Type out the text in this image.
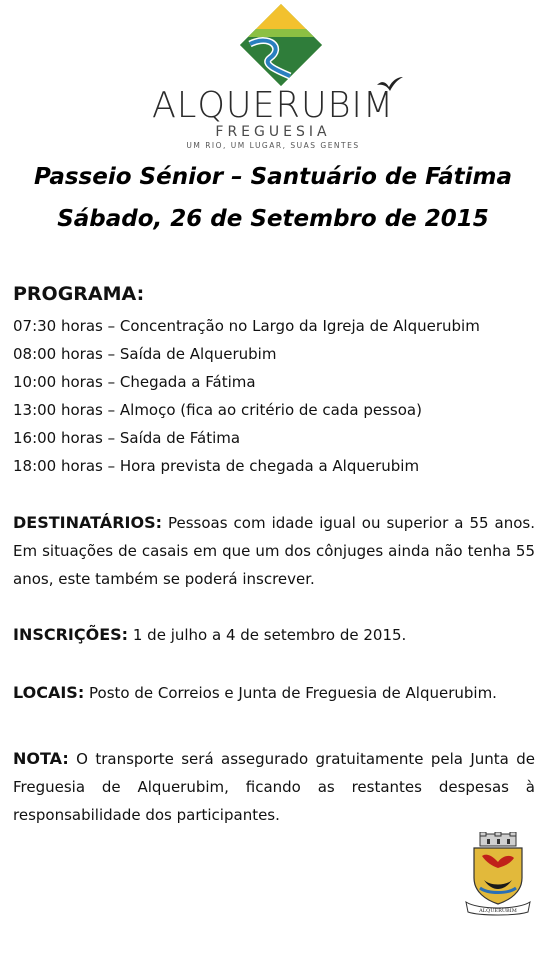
ALQUERUBIM
FREGUESIA
UM RIO, UM LUGAR, SUAS GENTES
Passeio Sénior – Santuário de Fátima
Sábado, 26 de Setembro de 2015
PROGRAMA:
07:30 horas – Concentração no Largo da Igreja de Alquerubim
08:00 horas – Saída de Alquerubim
10:00 horas – Chegada a Fátima
13:00 horas – Almoço (fica ao critério de cada pessoa)
16:00 horas – Saída de Fátima
18:00 horas – Hora prevista de chegada a Alquerubim
DESTINATÁRIOS: Pessoas com idade igual ou superior a 55 anos. Em situações de casais em que um dos cônjuges ainda não tenha 55 anos, este também se poderá inscrever.
INSCRIÇÕES: 1 de julho a 4 de setembro de 2015.
LOCAIS: Posto de Correios e Junta de Freguesia de Alquerubim.
NOTA: O transporte será assegurado gratuitamente pela Junta de Freguesia de Alquerubim, ficando as restantes despesas à responsabilidade dos participantes.
ALQUERUBIM
